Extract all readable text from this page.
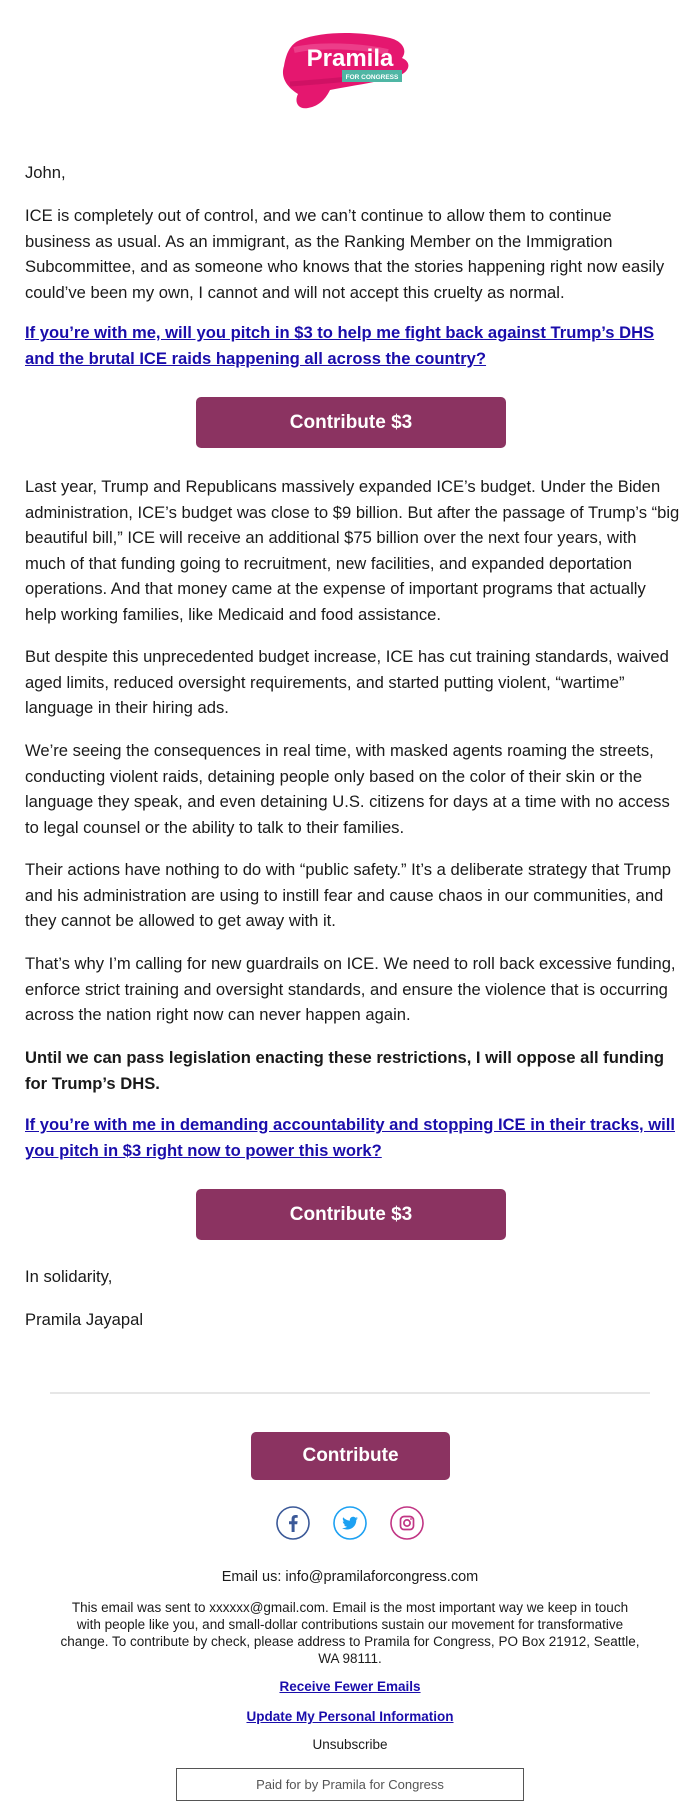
Pramila
FOR CONGRESS

John,

ICE is completely out of control, and we can’t continue to allow them to continue business as usual. As an immigrant, as the Ranking Member on the Immigration Subcommittee, and as someone who knows that the stories happening right now easily could’ve been my own, I cannot and will not accept this cruelty as normal.

If you’re with me, will you pitch in $3 to help me fight back against Trump’s DHS and the brutal ICE raids happening all across the country?

Contribute $3

Last year, Trump and Republicans massively expanded ICE’s budget. Under the Biden administration, ICE’s budget was close to $9 billion. But after the passage of Trump’s “big beautiful bill,” ICE will receive an additional $75 billion over the next four years, with much of that funding going to recruitment, new facilities, and expanded deportation operations. And that money came at the expense of important programs that actually help working families, like Medicaid and food assistance.

But despite this unprecedented budget increase, ICE has cut training standards, waived aged limits, reduced oversight requirements, and started putting violent, “wartime” language in their hiring ads.

We’re seeing the consequences in real time, with masked agents roaming the streets, conducting violent raids, detaining people only based on the color of their skin or the language they speak, and even detaining U.S. citizens for days at a time with no access to legal counsel or the ability to talk to their families.

Their actions have nothing to do with “public safety.” It’s a deliberate strategy that Trump and his administration are using to instill fear and cause chaos in our communities, and they cannot be allowed to get away with it.

That’s why I’m calling for new guardrails on ICE. We need to roll back excessive funding, enforce strict training and oversight standards, and ensure the violence that is occurring across the nation right now can never happen again.

Until we can pass legislation enacting these restrictions, I will oppose all funding for Trump’s DHS.

If you’re with me in demanding accountability and stopping ICE in their tracks, will you pitch in $3 right now to power this work?

Contribute $3

In solidarity,

Pramila Jayapal

Contribute
Email us: info@pramilaforcongress.com
This email was sent to xxxxxx@gmail.com. Email is the most important way we keep in touch with people like you, and small-dollar contributions sustain our movement for transformative change. To contribute by check, please address to Pramila for Congress, PO Box 21912, Seattle, WA 98111.
Receive Fewer Emails
Update My Personal Information
Unsubscribe
Paid for by Pramila for Congress
